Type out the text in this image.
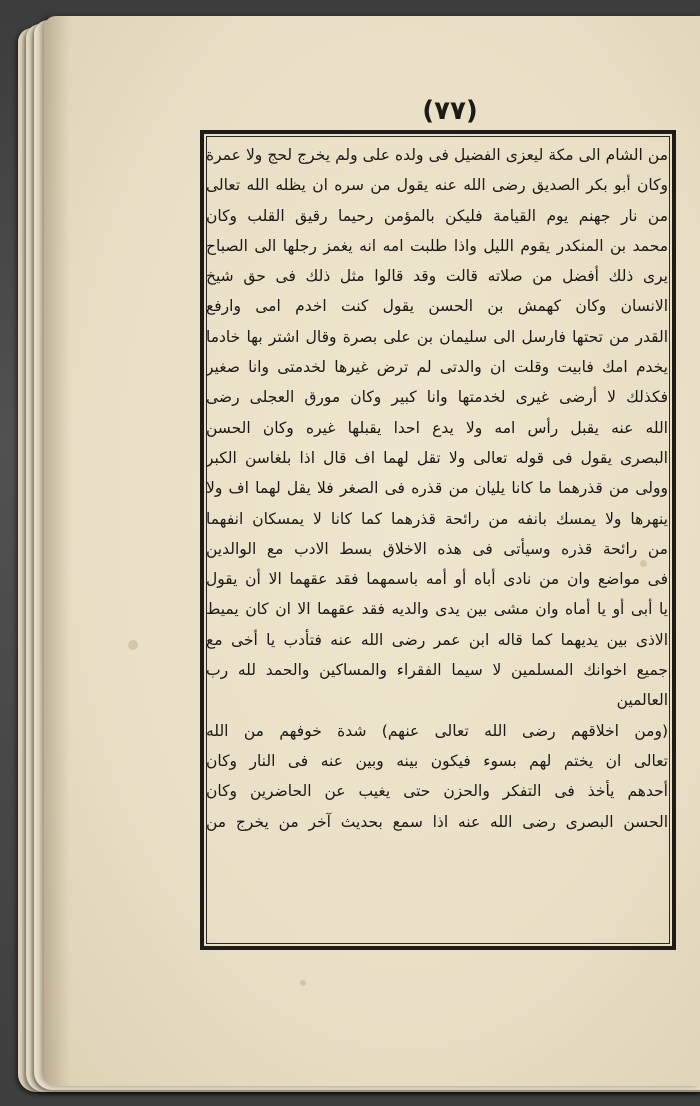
(٧٧)
من الشام الى مكة ليعزى الفضيل فى ولده على ولم يخرج لحج ولا عمرة
وكان أبو بكر الصديق رضى الله عنه يقول من سره ان يظله الله تعالى
من نار جهنم يوم القيامة فليكن بالمؤمن رحيما رقيق القلب وكان
محمد بن المنكدر يقوم الليل واذا طلبت امه انه يغمز رجلها الى الصباح
يرى ذلك أفضل من صلاته قالت وقد قالوا مثل ذلك فى حق شيخ
الانسان وكان كهمش بن الحسن يقول كنت اخدم امى وارفع
القدر من تحتها فارسل الى سليمان بن على بصرة وقال اشتر بها خادما
يخدم امك فابيت وقلت ان والدتى لم ترض غيرها لخدمتى وانا صغير
فكذلك لا أرضى غيرى لخدمتها وانا كبير وكان مورق العجلى رضى
الله عنه يقبل رأس امه ولا يدع احدا يقبلها غيره وكان الحسن
البصرى يقول فى قوله تعالى ولا تقل لهما اف قال اذا بلغاسن الكبر
وولى من قذرهما ما كانا يليان من قذره فى الصغر فلا يقل لهما اف ولا
ينهرها ولا يمسك بانفه من رائحة قذرهما كما كانا لا يمسكان انفهما
من رائحة قذره وسيأتى فى هذه الاخلاق بسط الادب مع الوالدين
فى مواضع وان من نادى أباه أو أمه باسمهما فقد عقهما الا أن يقول
يا أبى أو يا أماه وان مشى بين يدى والديه فقد عقهما الا ان كان يميط
الاذى بين يديهما كما قاله ابن عمر رضى الله عنه فتأدب يا أخى مع
جميع اخوانك المسلمين لا سيما الفقراء والمساكين والحمد لله رب
العالمين
(ومن اخلاقهم رضى الله تعالى عنهم) شدة خوفهم من الله
تعالى ان يختم لهم بسوء فيكون بينه وبين عنه فى النار وكان
أحدهم يأخذ فى التفكر والحزن حتى يغيب عن الحاضرين وكان
الحسن البصرى رضى الله عنه اذا سمع بحديث آخر من يخرج من
